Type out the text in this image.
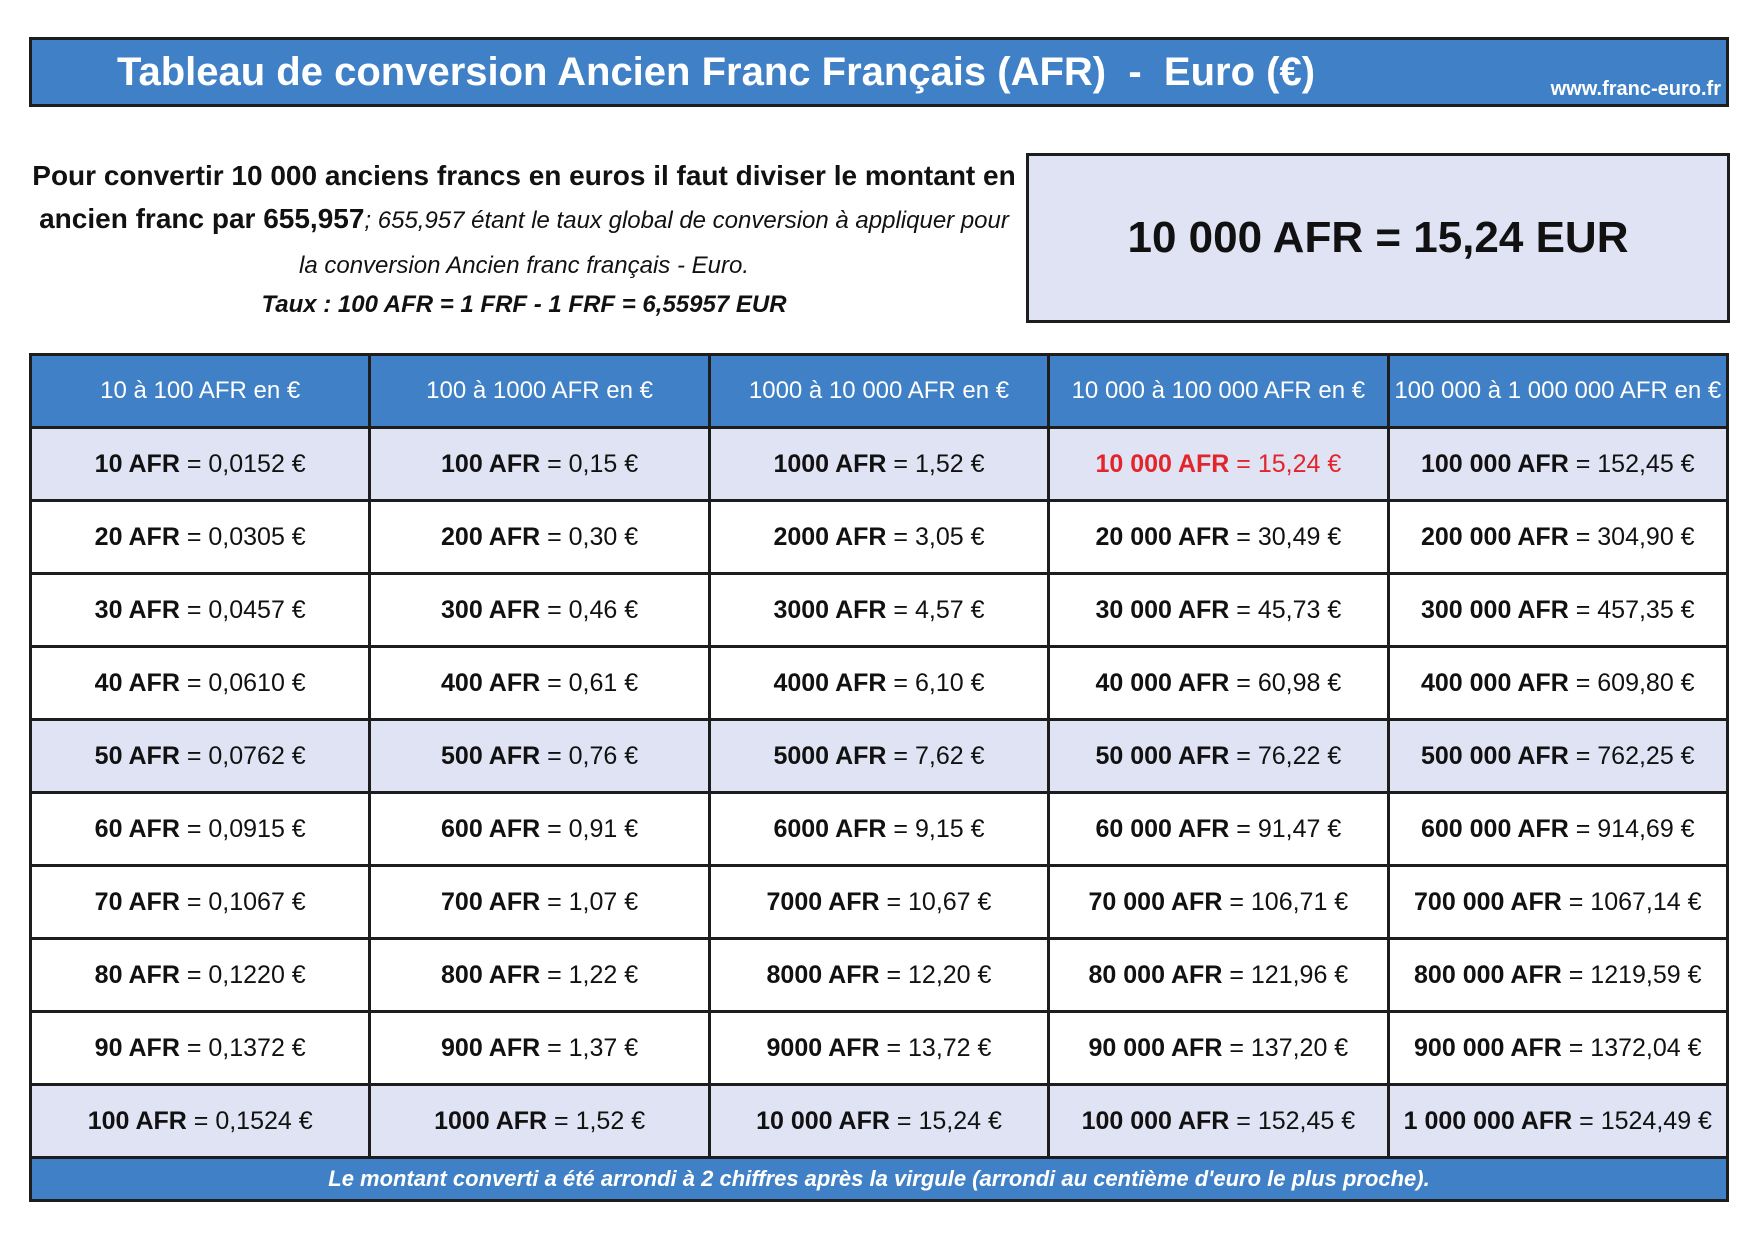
Tableau de conversion Ancien Franc Français (AFR)  -  Euro (€)	www.franc-euro.fr
Pour convertir 10 000 anciens francs en euros il faut diviser le montant en ancien franc par 655,957; 655,957 étant le taux global de conversion à appliquer pour la conversion Ancien franc français - Euro.
Taux : 100 AFR = 1 FRF - 1 FRF = 6,55957 EUR
10 000 AFR = 15,24 EUR
10 à 100 AFR en €	100 à 1000 AFR en €	1000 à 10 000 AFR en €	10 000 à 100 000 AFR en €	100 000 à 1 000 000 AFR en €
10 AFR = 0,0152 €	100 AFR = 0,15 €	1000 AFR = 1,52 €	10 000 AFR = 15,24 €	100 000 AFR = 152,45 €
20 AFR = 0,0305 €	200 AFR = 0,30 €	2000 AFR = 3,05 €	20 000 AFR = 30,49 €	200 000 AFR = 304,90 €
30 AFR = 0,0457 €	300 AFR = 0,46 €	3000 AFR = 4,57 €	30 000 AFR = 45,73 €	300 000 AFR = 457,35 €
40 AFR = 0,0610 €	400 AFR = 0,61 €	4000 AFR = 6,10 €	40 000 AFR = 60,98 €	400 000 AFR = 609,80 €
50 AFR = 0,0762 €	500 AFR = 0,76 €	5000 AFR = 7,62 €	50 000 AFR = 76,22 €	500 000 AFR = 762,25 €
60 AFR = 0,0915 €	600 AFR = 0,91 €	6000 AFR = 9,15 €	60 000 AFR = 91,47 €	600 000 AFR = 914,69 €
70 AFR = 0,1067 €	700 AFR = 1,07 €	7000 AFR = 10,67 €	70 000 AFR = 106,71 €	700 000 AFR = 1067,14 €
80 AFR = 0,1220 €	800 AFR = 1,22 €	8000 AFR = 12,20 €	80 000 AFR = 121,96 €	800 000 AFR = 1219,59 €
90 AFR = 0,1372 €	900 AFR = 1,37 €	9000 AFR = 13,72 €	90 000 AFR = 137,20 €	900 000 AFR = 1372,04 €
100 AFR = 0,1524 €	1000 AFR = 1,52 €	10 000 AFR = 15,24 €	100 000 AFR = 152,45 €	1 000 000 AFR = 1524,49 €
Le montant converti a été arrondi à 2 chiffres après la virgule (arrondi au centième d'euro le plus proche).				
